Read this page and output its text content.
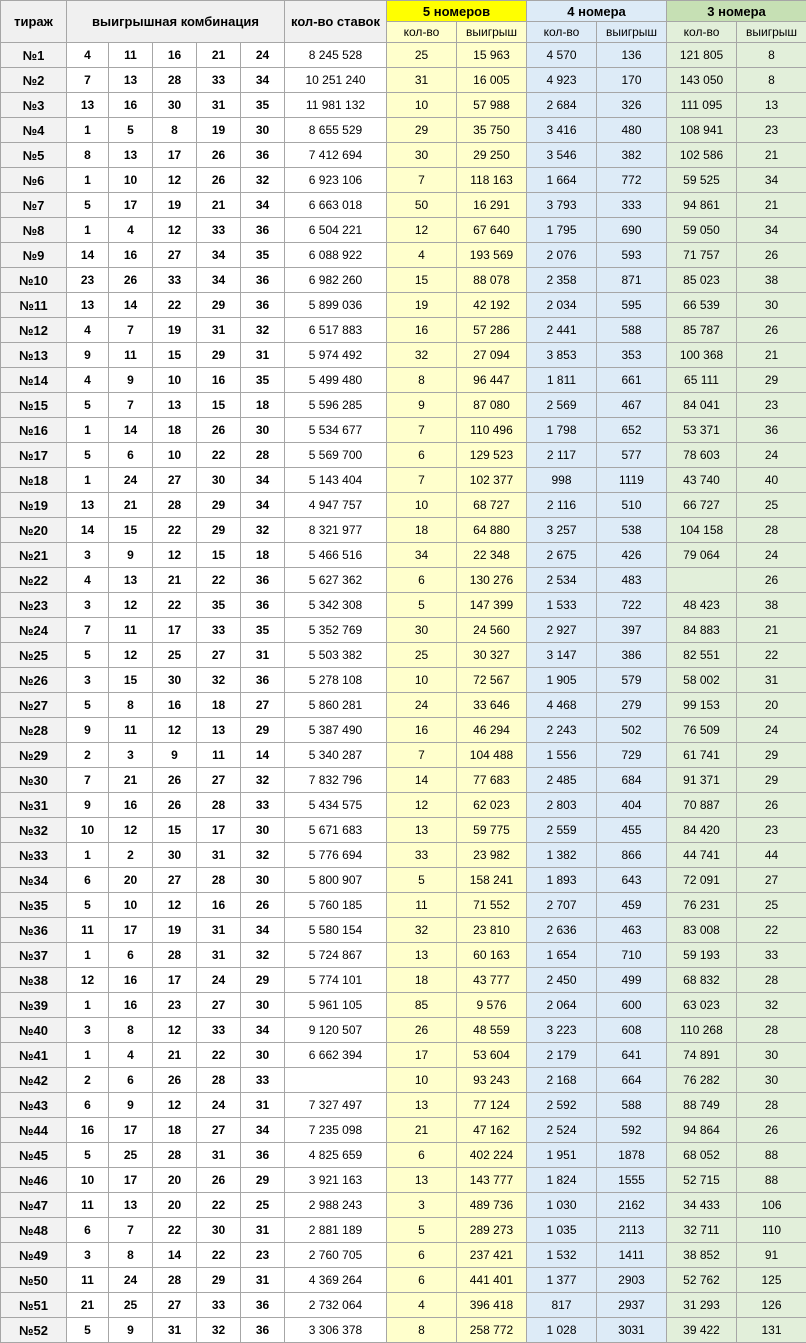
тираж	выигрышная комбинация					кол-во ставок	5 номеров		4 номера		3 номера	
							кол-во	выигрыш	кол-во	выигрыш	кол-во	выигрыш
№1	4	11	16	21	24	8 245 528	25	15 963	4 570	136	121 805	8
№2	7	13	28	33	34	10 251 240	31	16 005	4 923	170	143 050	8
№3	13	16	30	31	35	11 981 132	10	57 988	2 684	326	111 095	13
№4	1	5	8	19	30	8 655 529	29	35 750	3 416	480	108 941	23
№5	8	13	17	26	36	7 412 694	30	29 250	3 546	382	102 586	21
№6	1	10	12	26	32	6 923 106	7	118 163	1 664	772	59 525	34
№7	5	17	19	21	34	6 663 018	50	16 291	3 793	333	94 861	21
№8	1	4	12	33	36	6 504 221	12	67 640	1 795	690	59 050	34
№9	14	16	27	34	35	6 088 922	4	193 569	2 076	593	71 757	26
№10	23	26	33	34	36	6 982 260	15	88 078	2 358	871	85 023	38
№11	13	14	22	29	36	5 899 036	19	42 192	2 034	595	66 539	30
№12	4	7	19	31	32	6 517 883	16	57 286	2 441	588	85 787	26
№13	9	11	15	29	31	5 974 492	32	27 094	3 853	353	100 368	21
№14	4	9	10	16	35	5 499 480	8	96 447	1 811	661	65 111	29
№15	5	7	13	15	18	5 596 285	9	87 080	2 569	467	84 041	23
№16	1	14	18	26	30	5 534 677	7	110 496	1 798	652	53 371	36
№17	5	6	10	22	28	5 569 700	6	129 523	2 117	577	78 603	24
№18	1	24	27	30	34	5 143 404	7	102 377	998	1119	43 740	40
№19	13	21	28	29	34	4 947 757	10	68 727	2 116	510	66 727	25
№20	14	15	22	29	32	8 321 977	18	64 880	3 257	538	104 158	28
№21	3	9	12	15	18	5 466 516	34	22 348	2 675	426	79 064	24
№22	4	13	21	22	36	5 627 362	6	130 276	2 534	483		26
№23	3	12	22	35	36	5 342 308	5	147 399	1 533	722	48 423	38
№24	7	11	17	33	35	5 352 769	30	24 560	2 927	397	84 883	21
№25	5	12	25	27	31	5 503 382	25	30 327	3 147	386	82 551	22
№26	3	15	30	32	36	5 278 108	10	72 567	1 905	579	58 002	31
№27	5	8	16	18	27	5 860 281	24	33 646	4 468	279	99 153	20
№28	9	11	12	13	29	5 387 490	16	46 294	2 243	502	76 509	24
№29	2	3	9	11	14	5 340 287	7	104 488	1 556	729	61 741	29
№30	7	21	26	27	32	7 832 796	14	77 683	2 485	684	91 371	29
№31	9	16	26	28	33	5 434 575	12	62 023	2 803	404	70 887	26
№32	10	12	15	17	30	5 671 683	13	59 775	2 559	455	84 420	23
№33	1	2	30	31	32	5 776 694	33	23 982	1 382	866	44 741	44
№34	6	20	27	28	30	5 800 907	5	158 241	1 893	643	72 091	27
№35	5	10	12	16	26	5 760 185	11	71 552	2 707	459	76 231	25
№36	11	17	19	31	34	5 580 154	32	23 810	2 636	463	83 008	22
№37	1	6	28	31	32	5 724 867	13	60 163	1 654	710	59 193	33
№38	12	16	17	24	29	5 774 101	18	43 777	2 450	499	68 832	28
№39	1	16	23	27	30	5 961 105	85	9 576	2 064	600	63 023	32
№40	3	8	12	33	34	9 120 507	26	48 559	3 223	608	110 268	28
№41	1	4	21	22	30	6 662 394	17	53 604	2 179	641	74 891	30
№42	2	6	26	28	33		10	93 243	2 168	664	76 282	30
№43	6	9	12	24	31	7 327 497	13	77 124	2 592	588	88 749	28
№44	16	17	18	27	34	7 235 098	21	47 162	2 524	592	94 864	26
№45	5	25	28	31	36	4 825 659	6	402 224	1 951	1878	68 052	88
№46	10	17	20	26	29	3 921 163	13	143 777	1 824	1555	52 715	88
№47	11	13	20	22	25	2 988 243	3	489 736	1 030	2162	34 433	106
№48	6	7	22	30	31	2 881 189	5	289 273	1 035	2113	32 711	110
№49	3	8	14	22	23	2 760 705	6	237 421	1 532	1411	38 852	91
№50	11	24	28	29	31	4 369 264	6	441 401	1 377	2903	52 762	125
№51	21	25	27	33	36	2 732 064	4	396 418	817	2937	31 293	126
№52	5	9	31	32	36	3 306 378	8	258 772	1 028	3031	39 422	131
